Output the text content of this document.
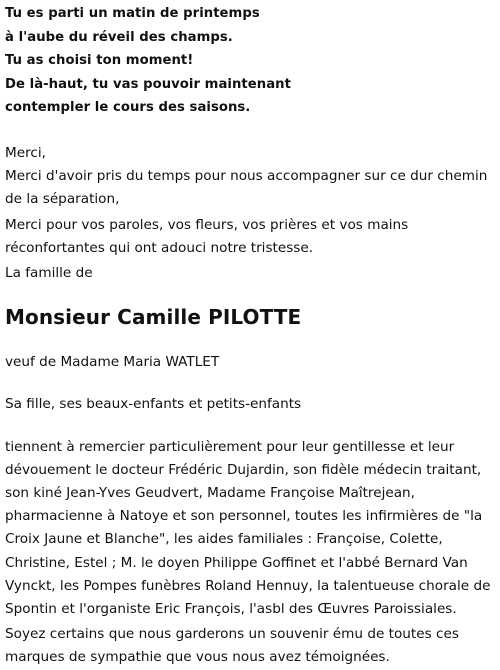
Tu es parti un matin de printemps
à l'aube du réveil des champs.
Tu as choisi ton moment!
De là-haut, tu vas pouvoir maintenant
contempler le cours des saisons.

Merci,

Merci d'avoir pris du temps pour nous accompagner sur ce dur chemin de la séparation,

Merci pour vos paroles, vos fleurs, vos prières et vos mains réconfortantes qui ont adouci notre tristesse.

La famille de

Monsieur Camille PILOTTE

veuf de Madame Maria WATLET

Sa fille, ses beaux-enfants et petits-enfants

tiennent à remercier particulièrement pour leur gentillesse et leur dévouement le docteur Frédéric Dujardin, son fidèle médecin traitant, son kiné Jean-Yves Geudvert, Madame Françoise Maîtrejean, pharmacienne à Natoye et son personnel, toutes les infirmières de "la Croix Jaune et Blanche", les aides familiales : Françoise, Colette, Christine, Estel ; M. le doyen Philippe Goffinet et l'abbé Bernard Van Vynckt, les Pompes funèbres Roland Hennuy, la talentueuse chorale de Spontin et l'organiste Eric François, l'asbl des Œuvres Paroissiales.

Soyez certains que nous garderons un souvenir ému de toutes ces marques de sympathie que vous nous avez témoignées.
